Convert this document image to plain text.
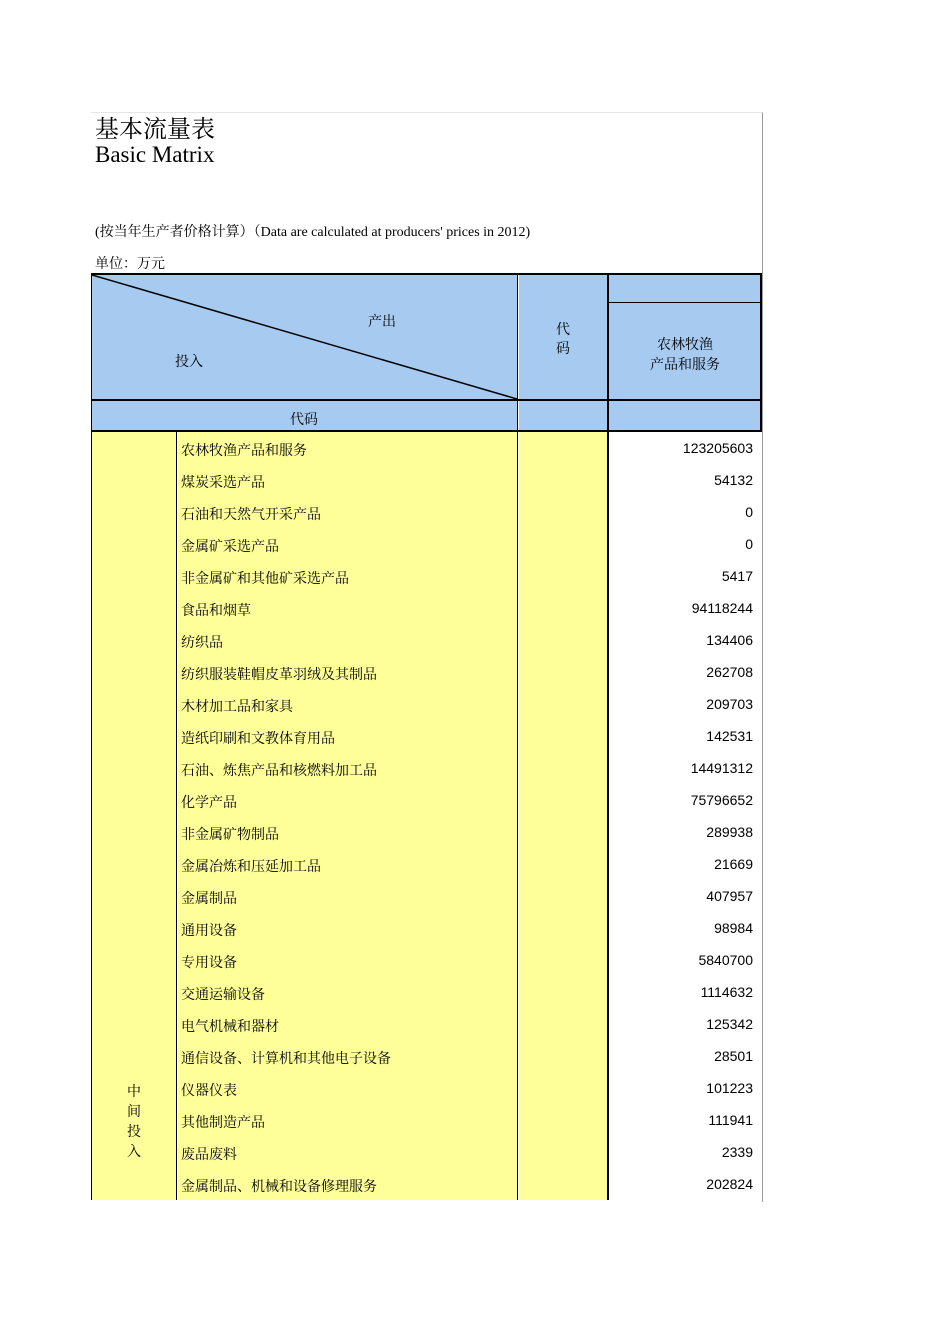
基本流量表
Basic Matrix
(按当年生产者价格计算）（Data are calculated at producers' prices in 2012)
单位：万元
产出
投入
代
码	农林牧渔
产品和服务
代码
中
间
投
入
农林牧渔产品和服务	123205603
煤炭采选产品	54132
石油和天然气开采产品	0
金属矿采选产品	0
非金属矿和其他矿采选产品	5417
食品和烟草	94118244
纺织品	134406
纺织服装鞋帽皮革羽绒及其制品	262708
木材加工品和家具	209703
造纸印刷和文教体育用品	142531
石油、炼焦产品和核燃料加工品	14491312
化学产品	75796652
非金属矿物制品	289938
金属冶炼和压延加工品	21669
金属制品	407957
通用设备	98984
专用设备	5840700
交通运输设备	1114632
电气机械和器材	125342
通信设备、计算机和其他电子设备	28501
仪器仪表	101223
其他制造产品	111941
废品废料	2339
金属制品、机械和设备修理服务	202824
